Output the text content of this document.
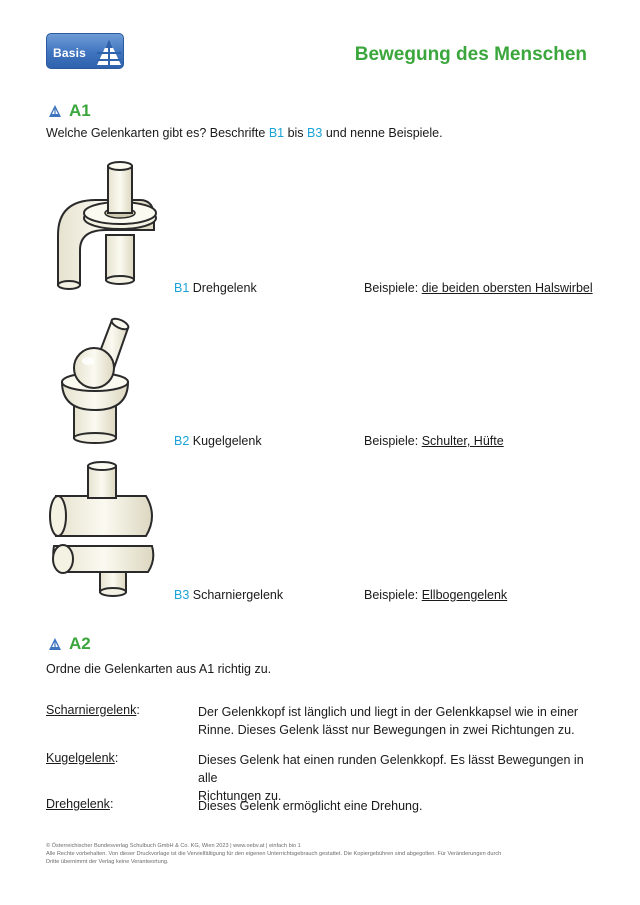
Basis	Bewegung des Menschen
A1
Welche Gelenkarten gibt es? Beschrifte B1 bis B3 und nenne Beispiele.
B1 Drehgelenk	Beispiele: die beiden obersten Halswirbel
B2 Kugelgelenk	Beispiele: Schulter, Hüfte
B3 Scharniergelenk	Beispiele: Ellbogengelenk
A2
Ordne die Gelenkarten aus A1 richtig zu.
Scharniergelenk:	Der Gelenkkopf ist länglich und liegt in der Gelenkkapsel wie in einer
Rinne. Dieses Gelenk lässt nur Bewegungen in zwei Richtungen zu.
Kugelgelenk:	Dieses Gelenk hat einen runden Gelenkkopf. Es lässt Bewegungen in alle
Richtungen zu.
Drehgelenk:	Dieses Gelenk ermöglicht eine Drehung.
© Österreichischer Bundesverlag Schulbuch GmbH & Co. KG, Wien 2023 | www.oebv.at | einfach bio 1
Alle Rechte vorbehalten. Von dieser Druckvorlage ist die Vervielfältigung für den eigenen Unterrichtsgebrauch gestattet. Die Kopiergebühren sind abgegolten. Für Veränderungen durch
Dritte übernimmt der Verlag keine Verantwortung.
